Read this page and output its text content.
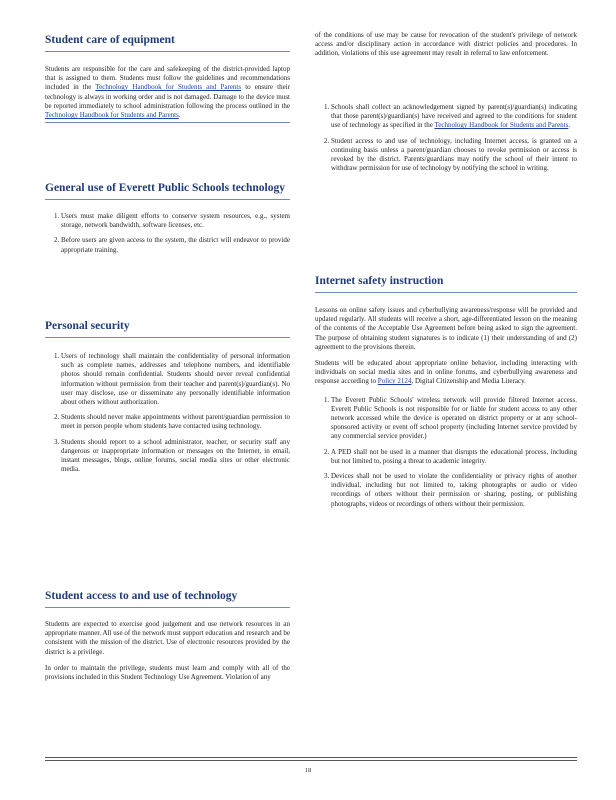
Student care of equipment

Students are responsible for the care and safekeeping of the district-provided laptop that is assigned to them. Students must follow the guidelines and recommendations included in the Technology Handbook for Students and Parents to ensure their technology is always in working order and is not damaged. Damage to the device must be reported immediately to school administration following the process outlined in the Technology Handbook for Students and Parents.

General use of Everett Public Schools technology
1. Users must make diligent efforts to conserve system resources, e.g., system storage, network bandwidth, software licenses, etc.
2. Before users are given access to the system, the district will endeavor to provide appropriate training.
Personal security
1. Users of technology shall maintain the confidentiality of personal information such as complete names, addresses and telephone numbers, and identifiable photos should remain confidential. Students should never reveal confidential information without permission from their teacher and parent(s)/guardian(s). No user may disclose, use or disseminate any personally identifiable information about others without authorization.
2. Students should never make appointments without parent/guardian permission to meet in person people whom students have contacted using technology.
3. Students should report to a school administrator, teacher, or security staff any dangerous or inappropriate information or messages on the Internet, in email, instant messages, blogs, online forums, social media sites or other electronic media.
Student access to and use of technology

Students are expected to exercise good judgement and use network resources in an appropriate manner. All use of the network must support education and research and be consistent with the mission of the district. Use of electronic resources provided by the district is a privilege.

In order to maintain the privilege, students must learn and comply with all of the provisions included in this Student Technology Use Agreement. Violation of any

of the conditions of use may be cause for revocation of the student's privilege of network access and/or disciplinary action in accordance with district policies and procedures. In addition, violations of this use agreement may result in referral to law enforcement.

1. Schools shall collect an acknowledgement signed by parent(s)/guardian(s) indicating that those parent(s)/guardian(s) have received and agreed to the conditions for student use of technology as specified in the Technology Handbook for Students and Parents.
2. Student access to and use of technology, including Internet access, is granted on a continuing basis unless a parent/guardian chooses to revoke permission or access is revoked by the district. Parents/guardians may notify the school of their intent to withdraw permission for use of technology by notifying the school in writing.
Internet safety instruction

Lessons on online safety issues and cyberbullying awareness/response will be provided and updated regularly. All students will receive a short, age-differentiated lesson on the meaning of the contents of the Acceptable Use Agreement before being asked to sign the agreement. The purpose of obtaining student signatures is to indicate (1) their understanding of and (2) agreement to the provisions therein.

Students will be educated about appropriate online behavior, including interacting with individuals on social media sites and in online forums, and cyberbullying awareness and response according to Policy 2124, Digital Citizenship and Media Literacy.

1. The Everett Public Schools' wireless network will provide filtered Internet access. Everett Public Schools is not responsible for or liable for student access to any other network accessed while the device is operated on district property or at any school-sponsored activity or event off school property (including Internet service provided by any commercial service provider.)
2. A PED shall not be used in a manner that disrupts the educational process, including but not limited to, posing a threat to academic integrity.
3. Devices shall not be used to violate the confidentiality or privacy rights of another individual, including but not limited to, taking photographs or audio or video recordings of others without their permission or sharing, posting, or publishing photographs, videos or recordings of others without their permission.
18
